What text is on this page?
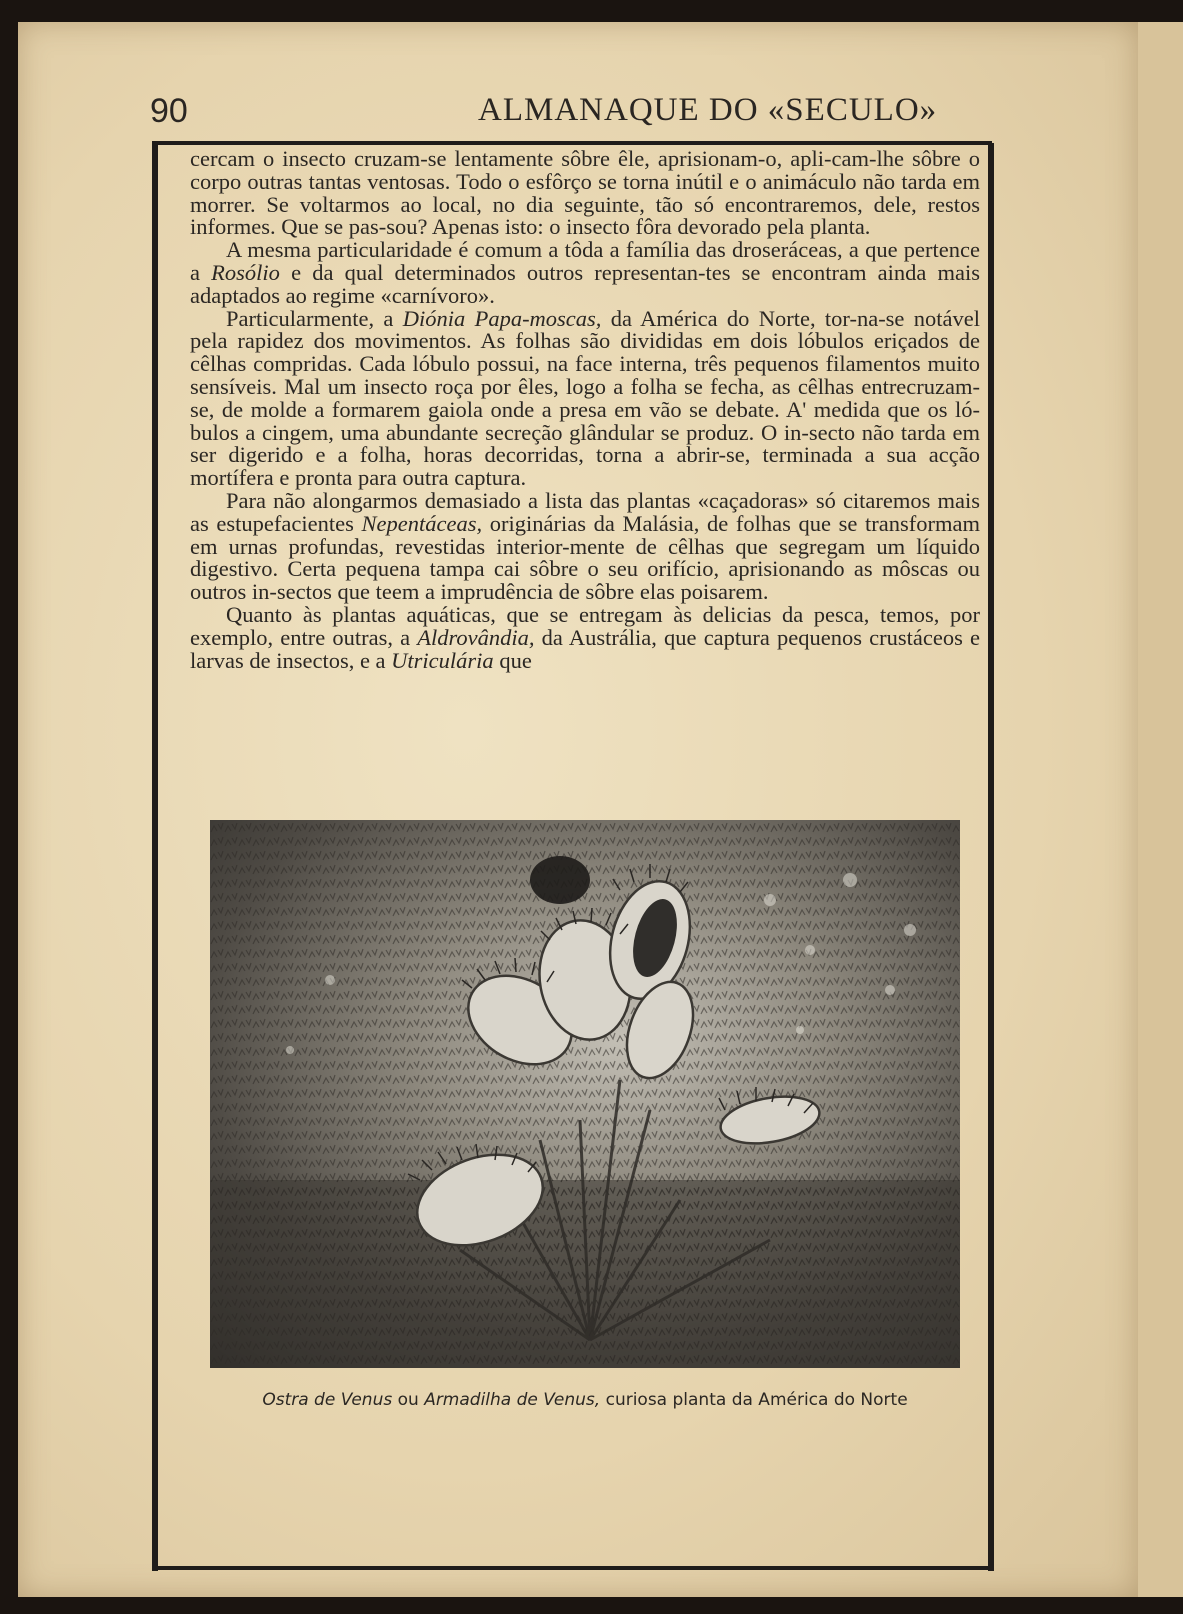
90	ALMANAQUE DO «SECULO»

cercam o insecto cruzam-se lentamente sôbre êle, aprisionam-o, apli-cam-lhe sôbre o corpo outras tantas ventosas. Todo o esfôrço se torna inútil e o animáculo não tarda em morrer. Se voltarmos ao local, no dia seguinte, tão só encontraremos, dele, restos informes. Que se pas-sou? Apenas isto: o insecto fôra devorado pela planta.

A mesma particularidade é comum a tôda a família das droseráceas, a que pertence a Rosólio e da qual determinados outros representan-tes se encontram ainda mais adaptados ao regime «carnívoro».

Particularmente, a Diónia Papa-moscas, da América do Norte, tor-na-se notável pela rapidez dos movimentos. As folhas são divididas em dois lóbulos eriçados de cêlhas compridas. Cada lóbulo possui, na face interna, três pequenos filamentos muito sensíveis. Mal um insecto roça por êles, logo a folha se fecha, as cêlhas entrecruzam-se, de molde a formarem gaiola onde a presa em vão se debate. A' medida que os ló-bulos a cingem, uma abundante secreção glândular se produz. O in-secto não tarda em ser digerido e a folha, horas decorridas, torna a abrir-se, terminada a sua acção mortífera e pronta para outra captura.

Para não alongarmos demasiado a lista das plantas «caçadoras» só citaremos mais as estupefacientes Nepentáceas, originárias da Malásia, de folhas que se transformam em urnas profundas, revestidas interior-mente de cêlhas que segregam um líquido digestivo. Certa pequena tampa cai sôbre o seu orifício, aprisionando as môscas ou outros in-sectos que teem a imprudência de sôbre elas poisarem.

Quanto às plantas aquáticas, que se entregam às delicias da pesca, temos, por exemplo, entre outras, a Aldrovândia, da Austrália, que captura pequenos crustáceos e larvas de insectos, e a Utriculária que

Ostra de Venus ou Armadilha de Venus, curiosa planta da América do Norte
